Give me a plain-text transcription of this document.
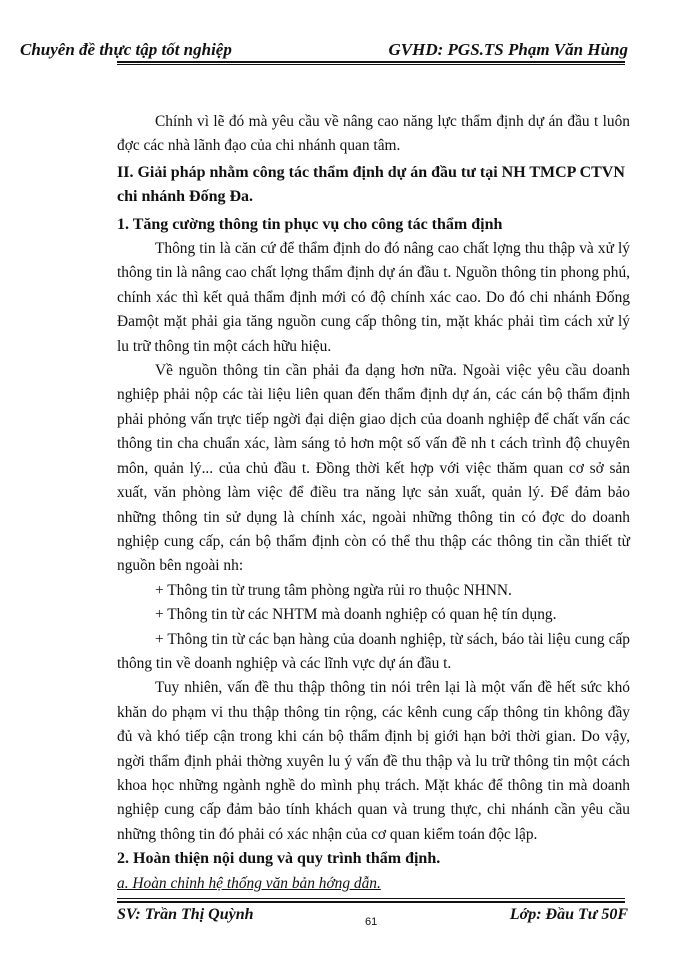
Chuyên đề thực tập tốt nghiệp	GVHD: PGS.TS Phạm Văn Hùng

Chính vì lẽ đó mà yêu cầu về nâng cao năng lực thẩm định dự án đầu t luôn đợc các nhà lãnh đạo của chi nhánh quan tâm.

II. Giải pháp nhằm công tác thẩm định dự án đầu tư tại NH TMCP CTVN chi nhánh Đống Đa.

1. Tăng cường thông tin phục vụ cho công tác thẩm định

Thông tin là căn cứ để thẩm định do đó nâng cao chất lợng thu thập và xử lý thông tin là nâng cao chất lợng thẩm định dự án đầu t. Nguồn thông tin phong phú, chính xác thì kết quả thẩm định mới có độ chính xác cao. Do đó chi nhánh Đống Đamột mặt phải gia tăng nguồn cung cấp thông tin, mặt khác phải tìm cách xử lý lu trữ thông tin một cách hữu hiệu.

Về nguồn thông tin cần phải đa dạng hơn nữa. Ngoài việc yêu cầu doanh nghiệp phải nộp các tài liệu liên quan đến thẩm định dự án, các cán bộ thẩm định phải phỏng vấn trực tiếp ngời đại diện giao dịch của doanh nghiệp để chất vấn các thông tin cha chuẩn xác, làm sáng tỏ hơn một số vấn đề nh t cách trình độ chuyên môn, quản lý... của chủ đầu t. Đồng thời kết hợp với việc thăm quan cơ sở sản xuất, văn phòng làm việc để điều tra năng lực sản xuất, quản lý. Để đảm bảo những thông tin sử dụng là chính xác, ngoài những thông tin có đợc do doanh nghiệp cung cấp, cán bộ thẩm định còn có thể thu thập các thông tin cần thiết từ nguồn bên ngoài nh:

+ Thông tin từ trung tâm phòng ngừa rủi ro thuộc NHNN.

+ Thông tin từ các NHTM mà doanh nghiệp có quan hệ tín dụng.

+ Thông tin từ các bạn hàng của doanh nghiệp, từ sách, báo tài liệu cung cấp thông tin về doanh nghiệp và các lĩnh vực dự án đầu t.

Tuy nhiên, vấn đề thu thập thông tin nói trên lại là một vấn đề hết sức khó khăn do phạm vi thu thập thông tin rộng, các kênh cung cấp thông tin không đầy đủ và khó tiếp cận trong khi cán bộ thẩm định bị giới hạn bởi thời gian. Do vậy, ngời thẩm định phải thờng xuyên lu ý vấn đề thu thập và lu trữ thông tin một cách khoa học những ngành nghề do mình phụ trách. Mặt khác để thông tin mà doanh nghiệp cung cấp đảm bảo tính khách quan và trung thực, chi nhánh cần yêu cầu những thông tin đó phải có xác nhận của cơ quan kiểm toán độc lập.

2. Hoàn thiện nội dung và quy trình thẩm định.

a. Hoàn chỉnh hệ thống văn bản hớng dẫn.

SV: Trần Thị Quỳnh	Lớp: Đầu Tư 50F
61
